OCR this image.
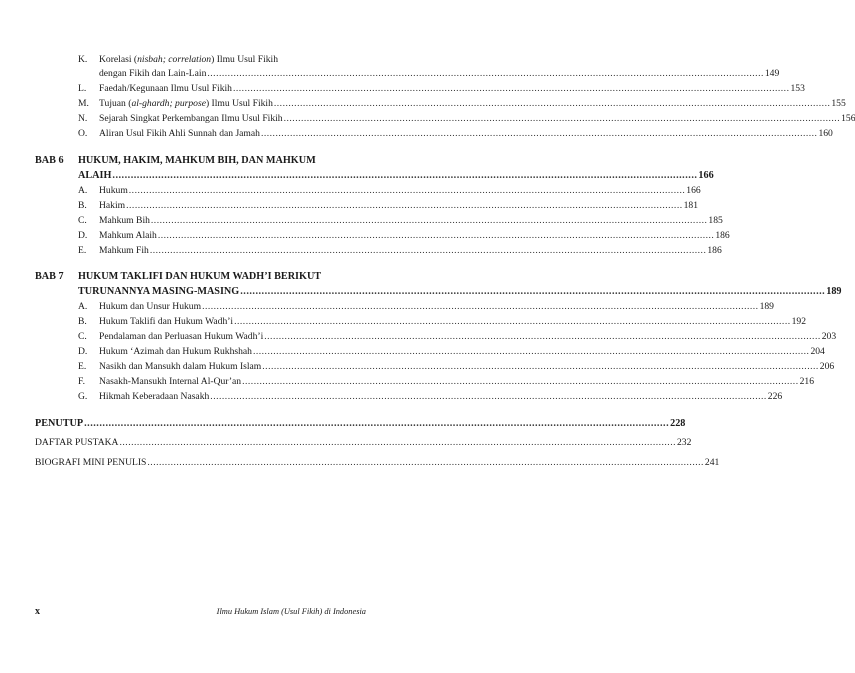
K.	Korelasi (nisbah; correlation) Ilmu Usul Fikih
dengan Fikih dan Lain-Lain .....	149
L.	Faedah/Kegunaan Ilmu Usul Fikih .....	153
M.	Tujuan (al-ghardh; purpose) Ilmu Usul Fikih .....	155
N.	Sejarah Singkat Perkembangan Ilmu Usul Fikih .....	156
O.	Aliran Usul Fikih Ahli Sunnah dan Jamah .....	160
BAB 6	HUKUM, HAKIM, MAHKUM BIH, DAN MAHKUM
ALAIH .....	166
A.	Hukum .....	166
B.	Hakim .....	181
C.	Mahkum Bih .....	185
D.	Mahkum Alaih .....	186
E.	Mahkum Fih .....	186
BAB 7	HUKUM TAKLIFI DAN HUKUM WADH’I BERIKUT
TURUNANNYA MASING-MASING .....	189
A.	Hukum dan Unsur Hukum .....	189
B.	Hukum Taklifi dan Hukum Wadh’i .....	192
C.	Pendalaman dan Perluasan Hukum Wadh’i .....	203
D.	Hukum ‘Azimah dan Hukum Rukhshah .....	204
E.	Nasikh dan Mansukh dalam Hukum Islam .....	206
F.	Nasakh-Mansukh Internal Al-Qur’an .....	216
G.	Hikmah Keberadaan Nasakh .....	226
PENUTUP .....	228
DAFTAR PUSTAKA .....	232
BIOGRAFI MINI PENULIS .....	241
x	Ilmu Hukum Islam (Usul Fikih) di Indonesia
